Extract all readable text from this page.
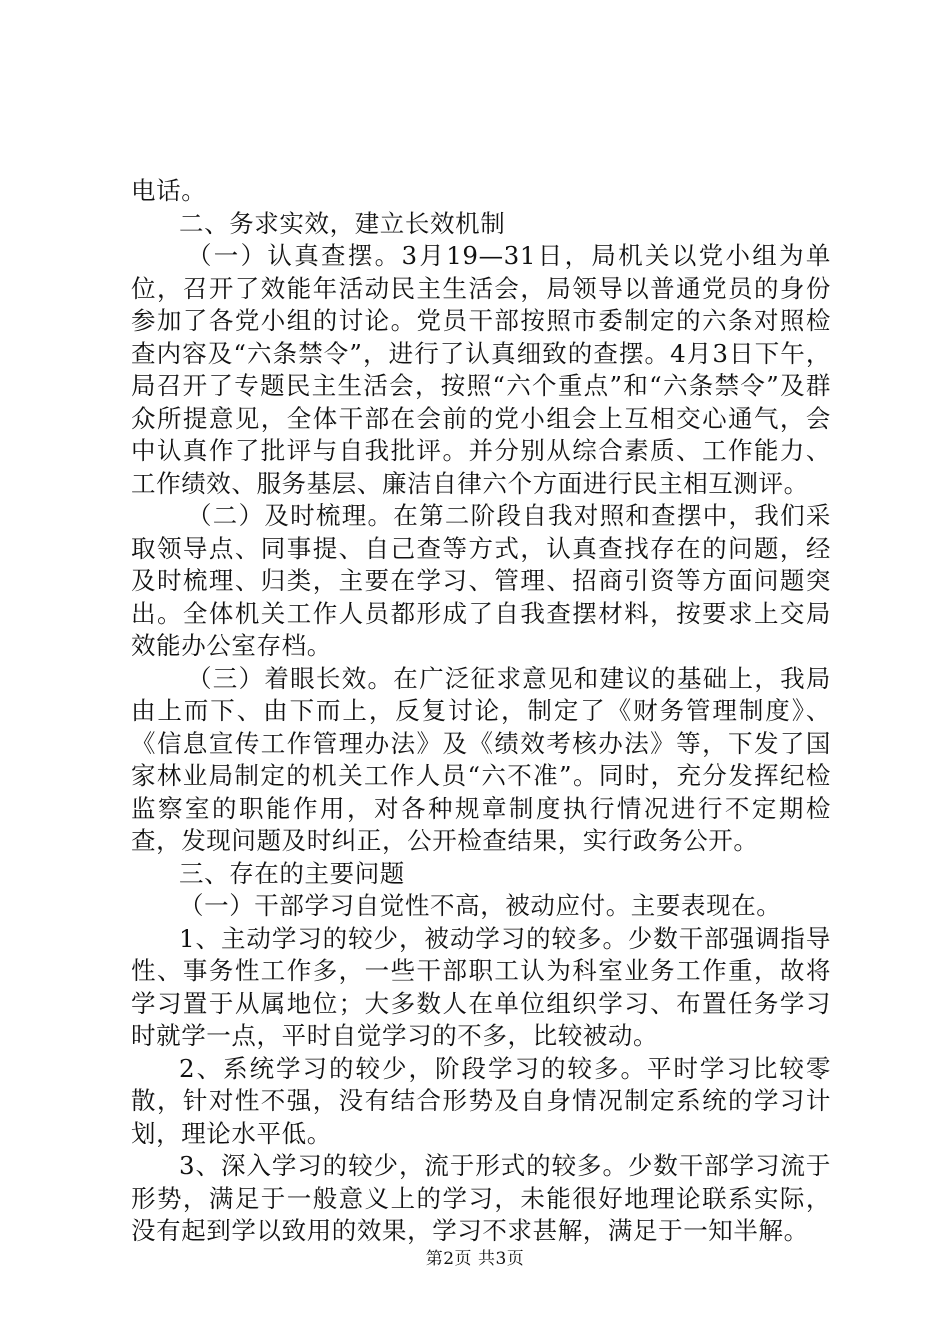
电话。

二、务求实效，建立长效机制

（一）认真查摆。3月19—31日，局机关以党小组为单位，召开了效能年活动民主生活会，局领导以普通党员的身份参加了各党小组的讨论。党员干部按照市委制定的六条对照检查内容及“六条禁令”，进行了认真细致的查摆。4月3日下午，局召开了专题民主生活会，按照“六个重点”和“六条禁令”及群众所提意见，全体干部在会前的党小组会上互相交心通气，会中认真作了批评与自我批评。并分别从综合素质、工作能力、工作绩效、服务基层、廉洁自律六个方面进行民主相互测评。

（二）及时梳理。在第二阶段自我对照和查摆中，我们采取领导点、同事提、自己查等方式，认真查找存在的问题，经及时梳理、归类，主要在学习、管理、招商引资等方面问题突出。全体机关工作人员都形成了自我查摆材料，按要求上交局效能办公室存档。

（三）着眼长效。在广泛征求意见和建议的基础上，我局由上而下、由下而上，反复讨论，制定了《财务管理制度》、《信息宣传工作管理办法》及《绩效考核办法》等，下发了国家林业局制定的机关工作人员“六不准”。同时，充分发挥纪检监察室的职能作用，对各种规章制度执行情况进行不定期检查，发现问题及时纠正，公开检查结果，实行政务公开。

三、存在的主要问题

（一）干部学习自觉性不高，被动应付。主要表现在。

1、主动学习的较少，被动学习的较多。少数干部强调指导性、事务性工作多，一些干部职工认为科室业务工作重，故将学习置于从属地位；大多数人在单位组织学习、布置任务学习时就学一点，平时自觉学习的不多，比较被动。

2、系统学习的较少，阶段学习的较多。平时学习比较零散，针对性不强，没有结合形势及自身情况制定系统的学习计划，理论水平低。

3、深入学习的较少，流于形式的较多。少数干部学习流于形势，满足于一般意义上的学习，未能很好地理论联系实际，没有起到学以致用的效果，学习不求甚解，满足于一知半解。

第2页 共3页
